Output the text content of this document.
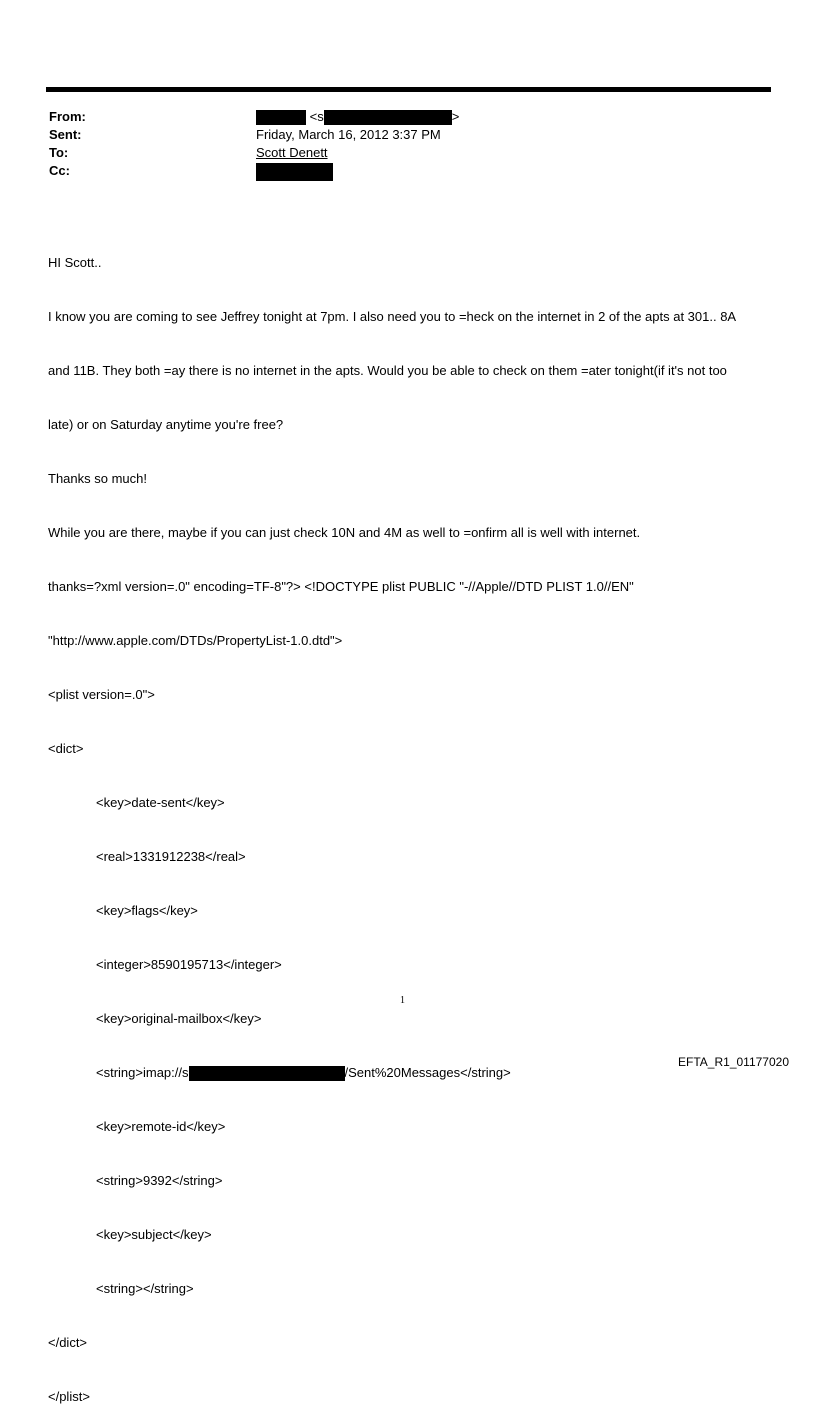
From:	<s	>
Sent:	Friday, March 16, 2012 3:37 PM
To:	Scott Denett
Cc:

HI Scott..

I know you are coming to see Jeffrey tonight at 7pm. I also need you to =heck on the internet in 2 of the apts at 301.. 8A

and 11B. They both =ay there is no internet in the apts. Would you be able to check on them =ater tonight(if it's not too

late) or on Saturday anytime you're free?

Thanks so much!

While you are there, maybe if you can just check 10N and 4M as well to =onfirm all is well with internet.

thanks=?xml version=.0" encoding=TF-8"?> <!DOCTYPE plist PUBLIC "-//Apple//DTD PLIST 1.0//EN"

"http://www.apple.com/DTDs/PropertyList-1.0.dtd">

<plist version=.0">

<dict>

<key>date-sent</key>

<real>1331912238</real>

<key>flags</key>

<integer>8590195713</integer>

<key>original-mailbox</key>

<string>imap://s	/Sent%20Messages</string>

<key>remote-id</key>

<string>9392</string>

<key>subject</key>

<string></string>

</dict>

</plist>

1
EFTA_R1_01177020
